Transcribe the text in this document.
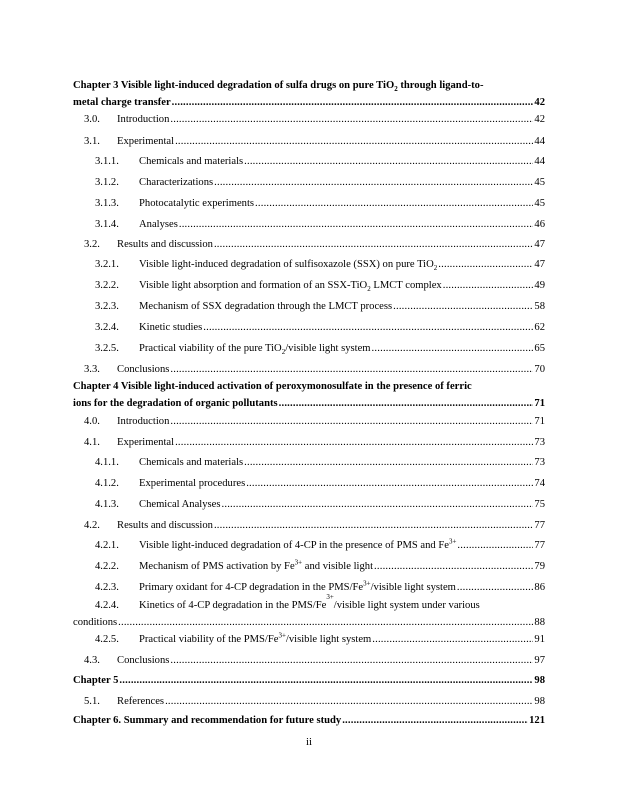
Chapter 3 Visible light-induced degradation of sulfa drugs on pure TiO$_2$ through ligand-to-
metal charge transfer .....	42
3.0.	Introduction .....	42
3.1.	Experimental .....	44
3.1.1.	Chemicals and materials .....	44
3.1.2.	Characterizations .....	45
3.1.3.	Photocatalytic experiments .....	45
3.1.4.	Analyses .....	46
3.2.	Results and discussion .....	47
3.2.1.	Visible light-induced degradation of sulfisoxazole (SSX) on pure TiO$_2$ .....	47
3.2.2.	Visible light absorption and formation of an SSX-TiO$_2$ LMCT complex .....	49
3.2.3.	Mechanism of SSX degradation through the LMCT process .....	58
3.2.4.	Kinetic studies .....	62
3.2.5.	Practical viability of the pure TiO$_2$/visible light system .....	65
3.3.	Conclusions .....	70
Chapter 4 Visible light-induced activation of peroxymonosulfate in the presence of ferric
ions for the degradation of organic pollutants .....	71
4.0.	Introduction .....	71
4.1.	Experimental .....	73
4.1.1.	Chemicals and materials .....	73
4.1.2.	Experimental procedures .....	74
4.1.3.	Chemical Analyses .....	75
4.2.	Results and discussion .....	77
4.2.1.	Visible light-induced degradation of 4-CP in the presence of PMS and $Fe^{3+}$ .....	77
4.2.2.	Mechanism of PMS activation by $Fe^{3+}$ and visible light .....	79
4.2.3.	Primary oxidant for 4-CP degradation in the PMS/$Fe^{3+}$/visible light system .....	86
4.2.4.	Kinetics of 4-CP degradation in the PMS/Fe
3+
/visible light system under various
conditions .....	88
4.2.5.	Practical viability of the PMS/$Fe^{3+}$/visible light system .....	91
4.3.	Conclusions .....	97
Chapter 5 .....	98
5.1.	References .....	98
Chapter 6. Summary and recommendation for future study .....	121
ii
